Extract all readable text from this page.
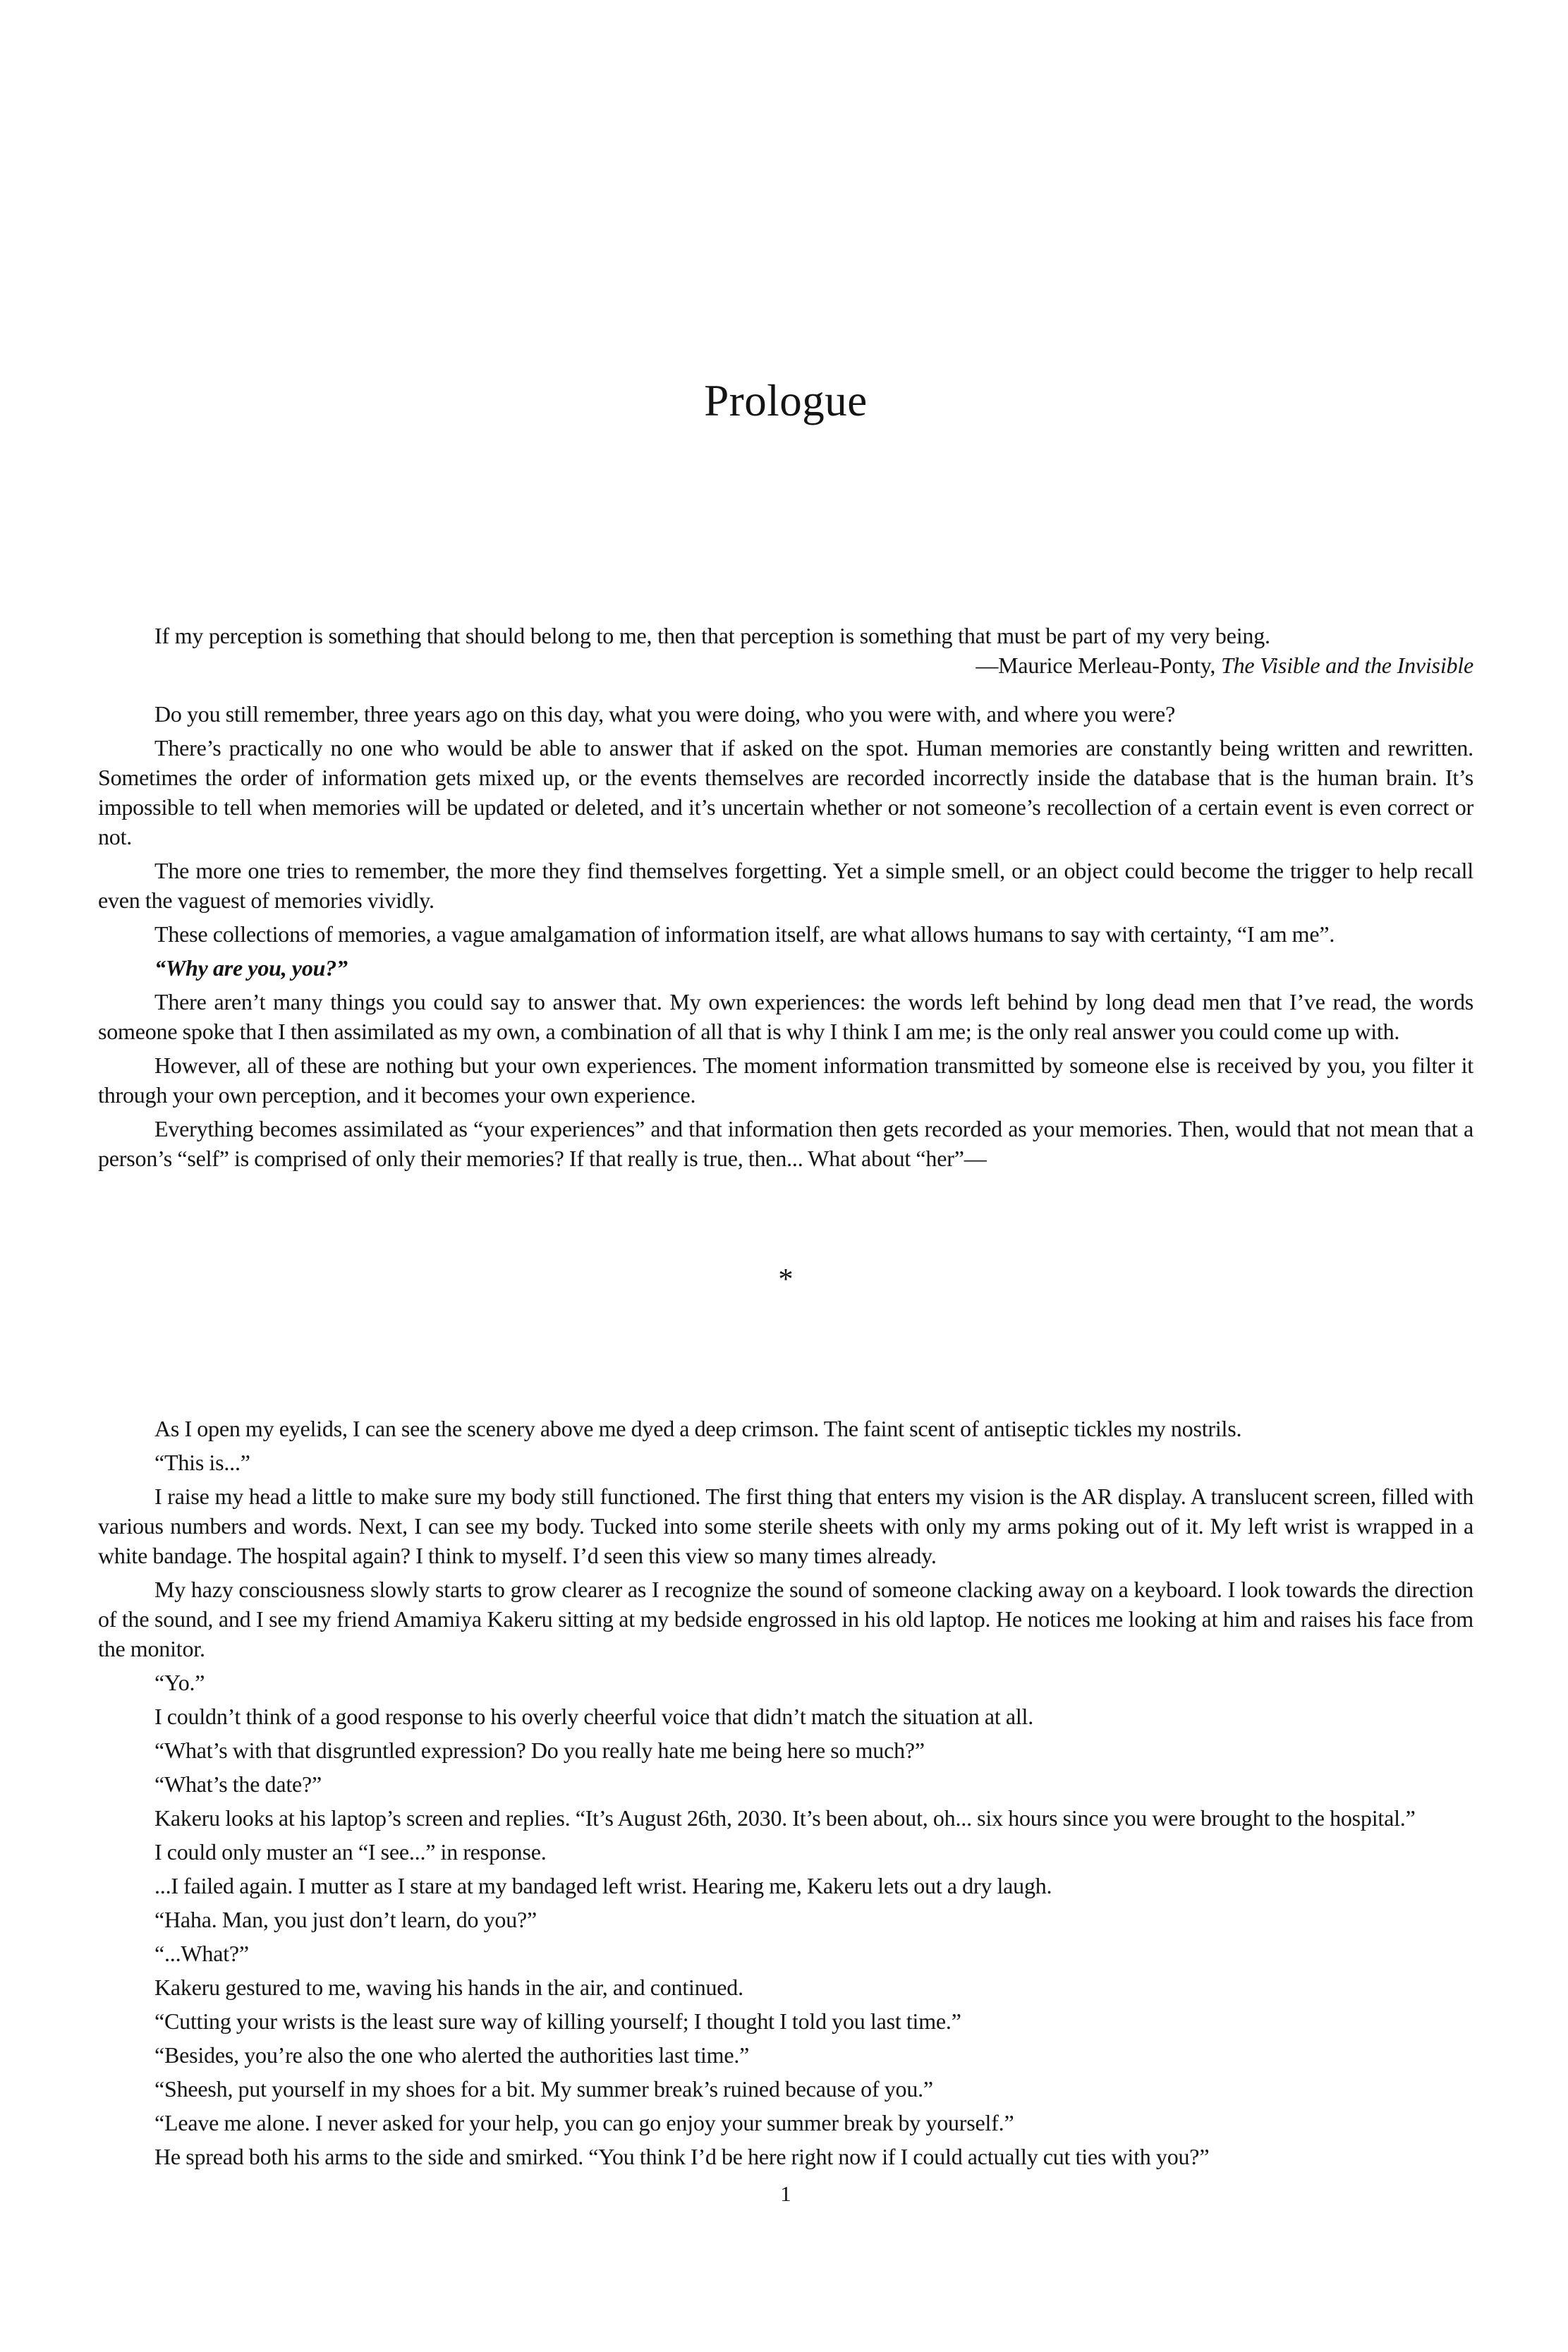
Prologue

If my perception is something that should belong to me, then that perception is something that must be part of my very being.

—Maurice Merleau-Ponty, The Visible and the Invisible

Do you still remember, three years ago on this day, what you were doing, who you were with, and where you were?

There’s practically no one who would be able to answer that if asked on the spot. Human memories are constantly being written and rewritten. Sometimes the order of information gets mixed up, or the events themselves are recorded incorrectly inside the database that is the human brain. It’s impossible to tell when memories will be updated or deleted, and it’s uncertain whether or not someone’s recollection of a certain event is even correct or not.

The more one tries to remember, the more they find themselves forgetting. Yet a simple smell, or an object could become the trigger to help recall even the vaguest of memories vividly.

These collections of memories, a vague amalgamation of information itself, are what allows humans to say with certainty, “I am me”.

“Why are you, you?”

There aren’t many things you could say to answer that. My own experiences: the words left behind by long dead men that I’ve read, the words someone spoke that I then assimilated as my own, a combination of all that is why I think I am me; is the only real answer you could come up with.

However, all of these are nothing but your own experiences. The moment information transmitted by someone else is received by you, you filter it through your own perception, and it becomes your own experience.

Everything becomes assimilated as “your experiences” and that information then gets recorded as your memories. Then, would that not mean that a person’s “self” is comprised of only their memories? If that really is true, then... What about “her”—

*

As I open my eyelids, I can see the scenery above me dyed a deep crimson. The faint scent of antiseptic tickles my nostrils.

“This is...”

I raise my head a little to make sure my body still functioned. The first thing that enters my vision is the AR display. A translucent screen, filled with various numbers and words. Next, I can see my body. Tucked into some sterile sheets with only my arms poking out of it. My left wrist is wrapped in a white bandage. The hospital again? I think to myself. I’d seen this view so many times already.

My hazy consciousness slowly starts to grow clearer as I recognize the sound of someone clacking away on a keyboard. I look towards the direction of the sound, and I see my friend Amamiya Kakeru sitting at my bedside engrossed in his old laptop. He notices me looking at him and raises his face from the monitor.

“Yo.”

I couldn’t think of a good response to his overly cheerful voice that didn’t match the situation at all.

“What’s with that disgruntled expression? Do you really hate me being here so much?”

“What’s the date?”

Kakeru looks at his laptop’s screen and replies. “It’s August 26th, 2030. It’s been about, oh... six hours since you were brought to the hospital.”

I could only muster an “I see...” in response.

...I failed again. I mutter as I stare at my bandaged left wrist. Hearing me, Kakeru lets out a dry laugh.

“Haha. Man, you just don’t learn, do you?”

“...What?”

Kakeru gestured to me, waving his hands in the air, and continued.

“Cutting your wrists is the least sure way of killing yourself; I thought I told you last time.”

“Besides, you’re also the one who alerted the authorities last time.”

“Sheesh, put yourself in my shoes for a bit. My summer break’s ruined because of you.”

“Leave me alone. I never asked for your help, you can go enjoy your summer break by yourself.”

He spread both his arms to the side and smirked. “You think I’d be here right now if I could actually cut ties with you?”

1
